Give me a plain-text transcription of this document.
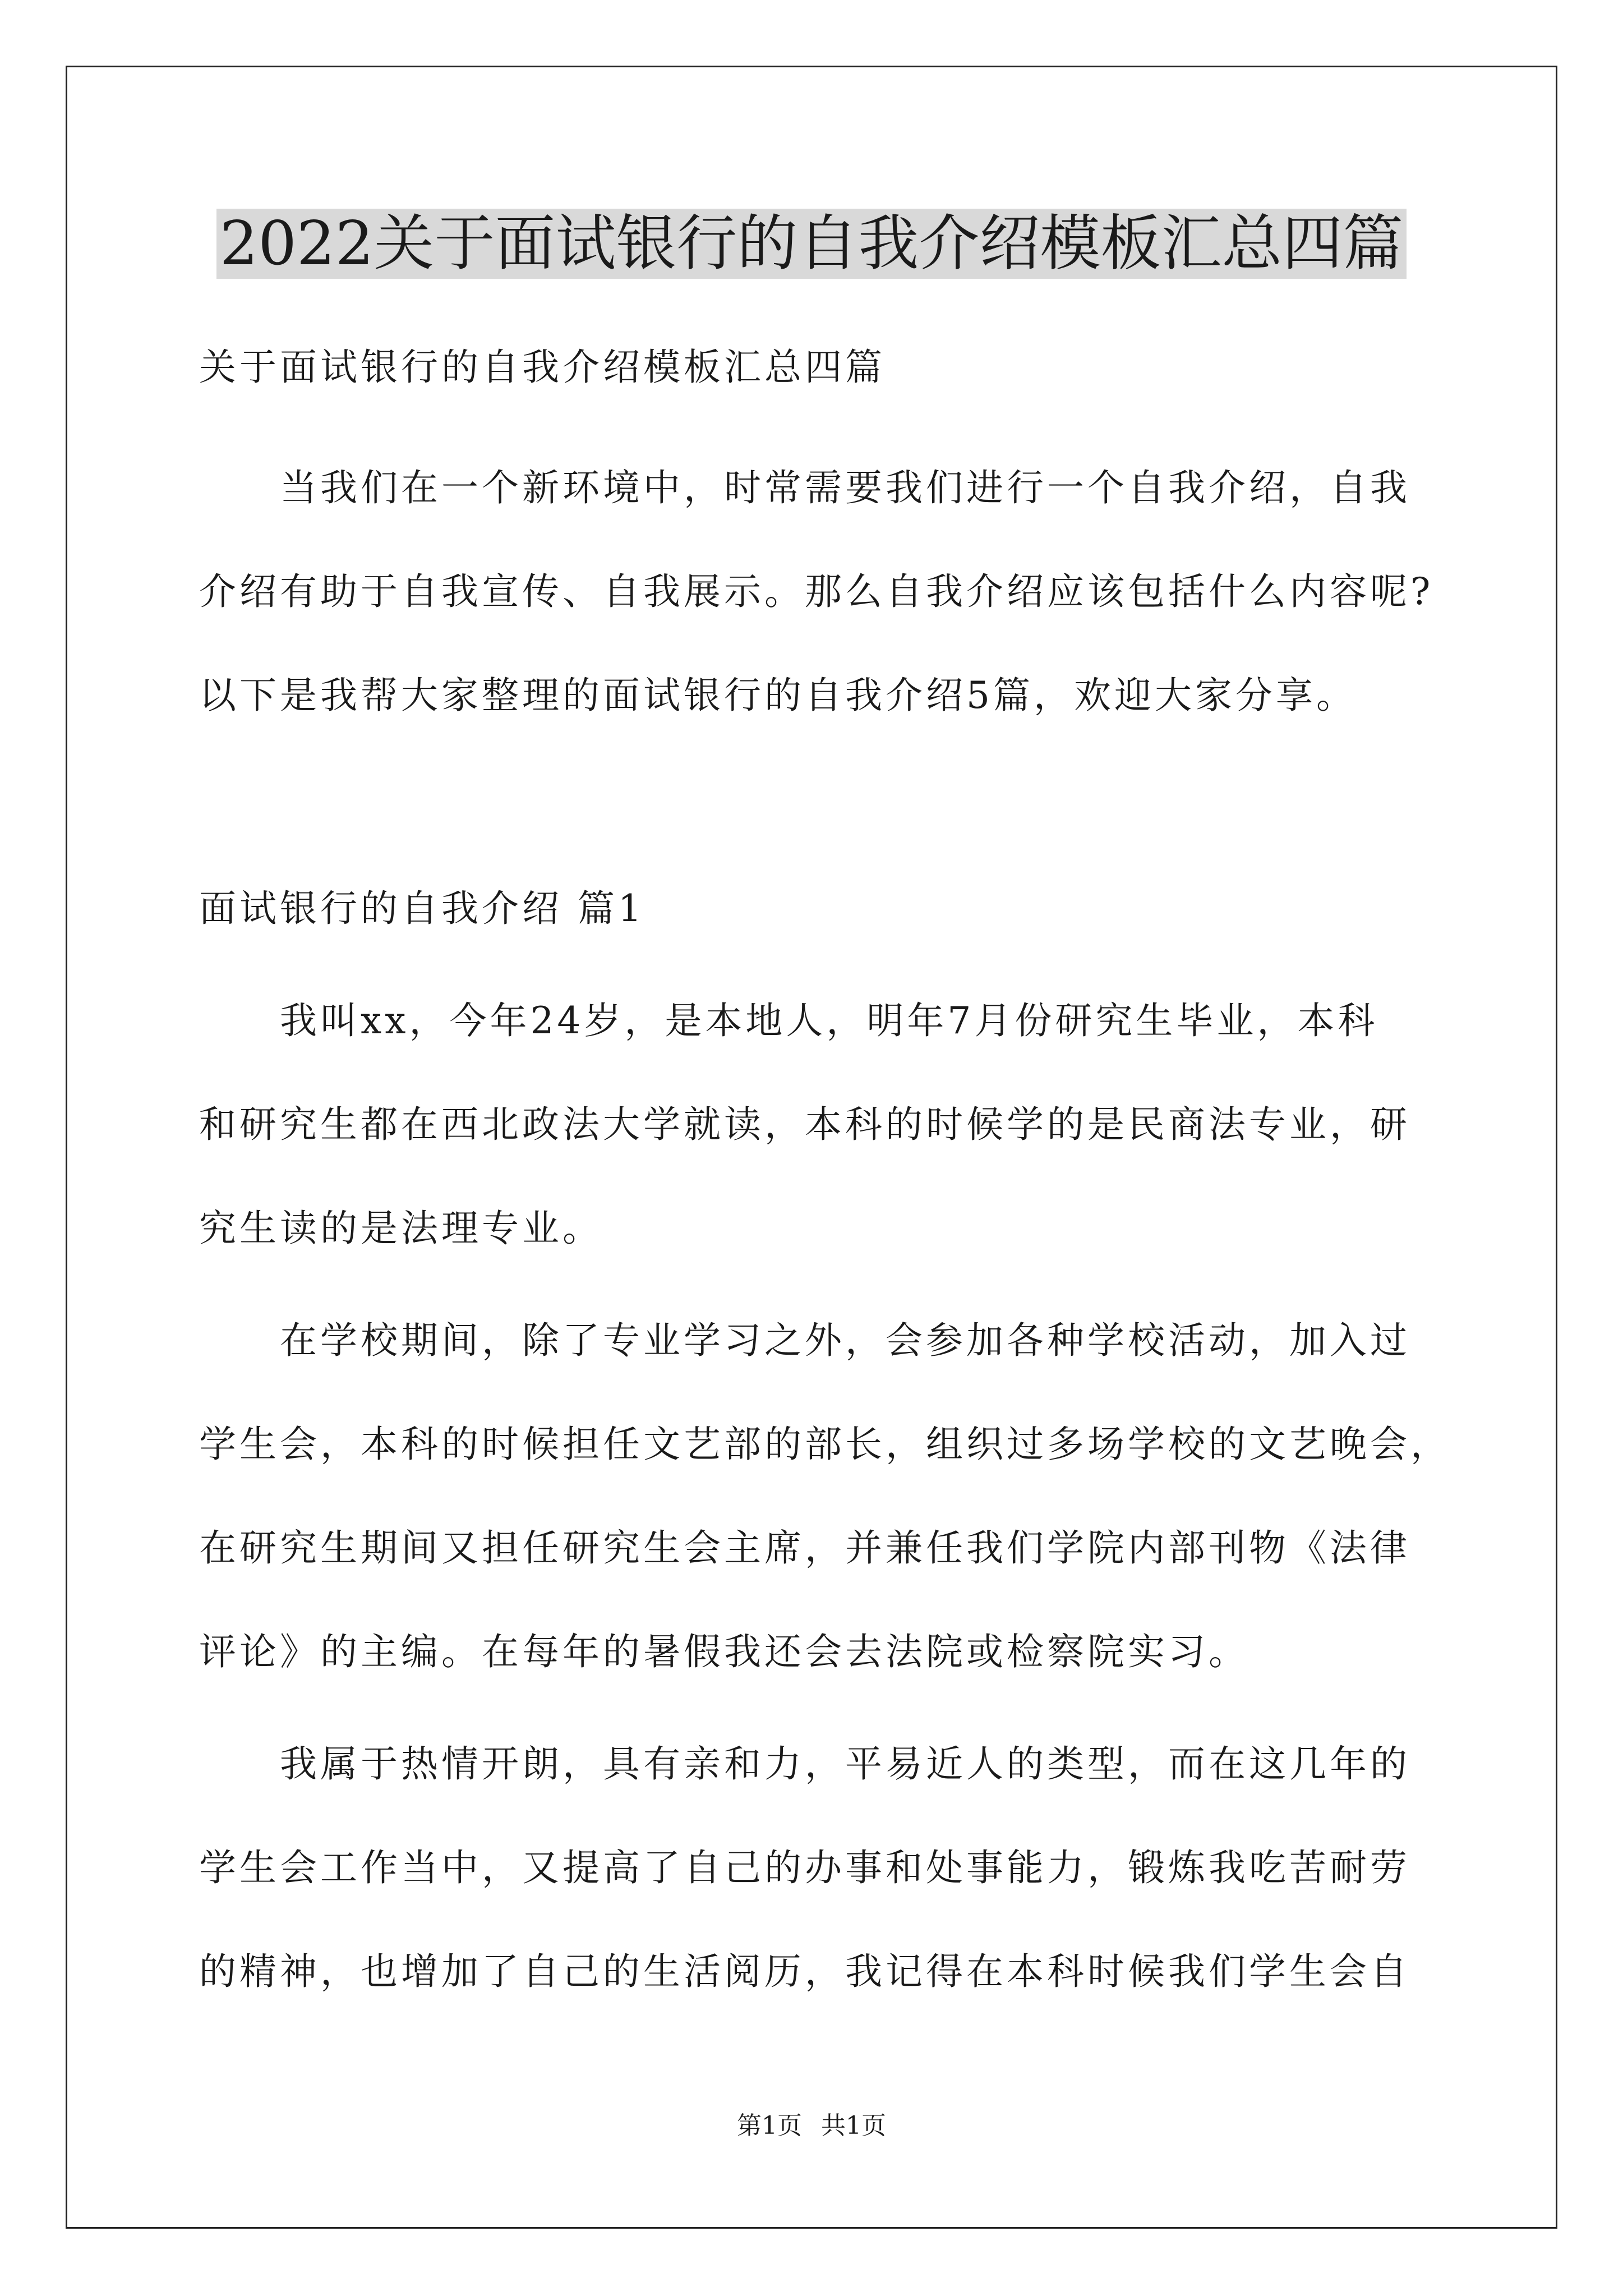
2022关于面试银行的自我介绍模板汇总四篇
关于面试银行的自我介绍模板汇总四篇
　　当我们在一个新环境中，时常需要我们进行一个自我介绍，自我
介绍有助于自我宣传、自我展示。那么自我介绍应该包括什么内容呢?
以下是我帮大家整理的面试银行的自我介绍5篇，欢迎大家分享。
面试银行的自我介绍 篇1
　　我叫xx，今年24岁，是本地人，明年7月份研究生毕业，本科
和研究生都在西北政法大学就读，本科的时候学的是民商法专业，研
究生读的是法理专业。
　　在学校期间，除了专业学习之外，会参加各种学校活动，加入过
学生会，本科的时候担任文艺部的部长，组织过多场学校的文艺晚会，
在研究生期间又担任研究生会主席，并兼任我们学院内部刊物《法律
评论》的主编。在每年的暑假我还会去法院或检察院实习。
　　我属于热情开朗，具有亲和力，平易近人的类型，而在这几年的
学生会工作当中，又提高了自己的办事和处事能力，锻炼我吃苦耐劳
的精神，也增加了自己的生活阅历，我记得在本科时候我们学生会自
第1页 共1页
